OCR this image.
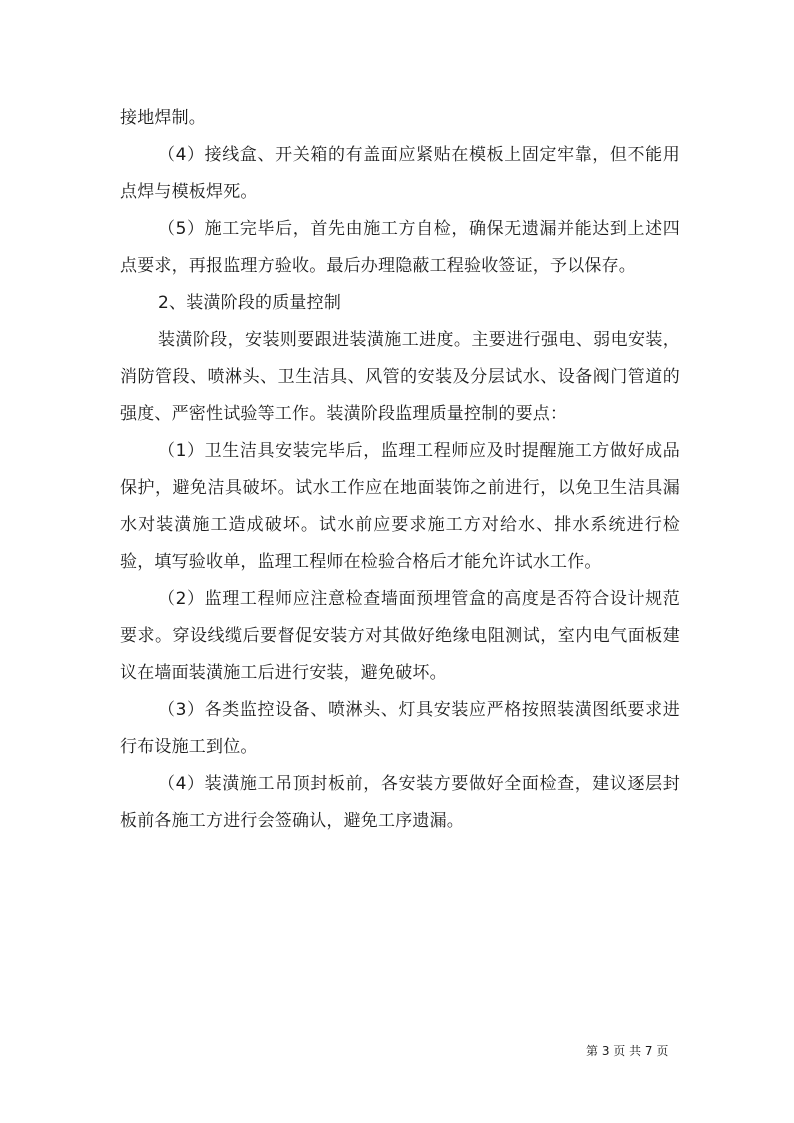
接地焊制。

（4）接线盒、开关箱的有盖面应紧贴在模板上固定牢靠，但不能用点焊与模板焊死。

（5）施工完毕后，首先由施工方自检，确保无遗漏并能达到上述四点要求，再报监理方验收。最后办理隐蔽工程验收签证，予以保存。

2、装潢阶段的质量控制

装潢阶段，安装则要跟进装潢施工进度。主要进行强电、弱电安装，消防管段、喷淋头、卫生洁具、风管的安装及分层试水、设备阀门管道的强度、严密性试验等工作。装潢阶段监理质量控制的要点：

（1）卫生洁具安装完毕后，监理工程师应及时提醒施工方做好成品保护，避免洁具破坏。试水工作应在地面装饰之前进行，以免卫生洁具漏水对装潢施工造成破坏。试水前应要求施工方对给水、排水系统进行检验，填写验收单，监理工程师在检验合格后才能允许试水工作。

（2）监理工程师应注意检查墙面预埋管盒的高度是否符合设计规范要求。穿设线缆后要督促安装方对其做好绝缘电阻测试，室内电气面板建议在墙面装潢施工后进行安装，避免破坏。

（3）各类监控设备、喷淋头、灯具安装应严格按照装潢图纸要求进行布设施工到位。

（4）装潢施工吊顶封板前，各安装方要做好全面检查，建议逐层封板前各施工方进行会签确认，避免工序遗漏。

第 3 页 共 7 页
